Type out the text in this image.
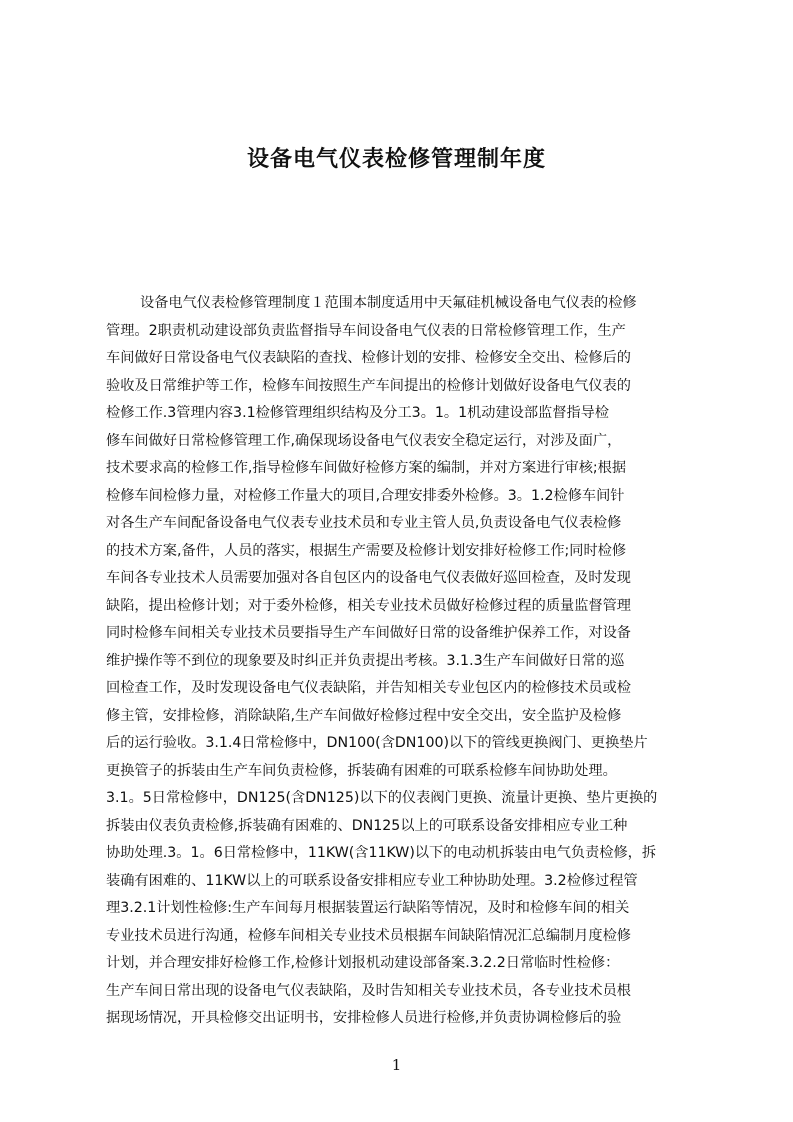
设备电气仪表检修管理制年度
设备电气仪表检修管理制度１范围本制度适用中天氟硅机械设备电气仪表的检修
管理。2职责机动建设部负责监督指导车间设备电气仪表的日常检修管理工作，生产
车间做好日常设备电气仪表缺陷的查找、检修计划的安排、检修安全交出、检修后的
验收及日常维护等工作，检修车间按照生产车间提出的检修计划做好设备电气仪表的
检修工作.3管理内容3.1检修管理组织结构及分工3。1。1机动建设部监督指导检
修车间做好日常检修管理工作,确保现场设备电气仪表安全稳定运行，对涉及面广，
技术要求高的检修工作,指导检修车间做好检修方案的编制，并对方案进行审核;根据
检修车间检修力量，对检修工作量大的项目,合理安排委外检修。3。1.2检修车间针
对各生产车间配备设备电气仪表专业技术员和专业主管人员,负责设备电气仪表检修
的技术方案,备件，人员的落实，根据生产需要及检修计划安排好检修工作;同时检修
车间各专业技术人员需要加强对各自包区内的设备电气仪表做好巡回检查，及时发现
缺陷，提出检修计划；对于委外检修，相关专业技术员做好检修过程的质量监督管理
同时检修车间相关专业技术员要指导生产车间做好日常的设备维护保养工作，对设备
维护操作等不到位的现象要及时纠正并负责提出考核。3.1.3生产车间做好日常的巡
回检查工作，及时发现设备电气仪表缺陷，并告知相关专业包区内的检修技术员或检
修主管，安排检修，消除缺陷,生产车间做好检修过程中安全交出，安全监护及检修
后的运行验收。3.1.4日常检修中，DN100(含DN100)以下的管线更换阀门、更换垫片
更换管子的拆装由生产车间负责检修，拆装确有困难的可联系检修车间协助处理。
3.1。5日常检修中，DN125(含DN125)以下的仪表阀门更换、流量计更换、垫片更换的
拆装由仪表负责检修,拆装确有困难的、DN125以上的可联系设备安排相应专业工种
协助处理.3。1。6日常检修中，11KW(含11KW)以下的电动机拆装由电气负责检修，拆
装确有困难的、11KW以上的可联系设备安排相应专业工种协助处理。3.2检修过程管
理3.2.1计划性检修:生产车间每月根据装置运行缺陷等情况，及时和检修车间的相关
专业技术员进行沟通，检修车间相关专业技术员根据车间缺陷情况汇总编制月度检修
计划，并合理安排好检修工作,检修计划报机动建设部备案.3.2.2日常临时性检修：
生产车间日常出现的设备电气仪表缺陷，及时告知相关专业技术员，各专业技术员根
据现场情况，开具检修交出证明书，安排检修人员进行检修,并负责协调检修后的验
1
